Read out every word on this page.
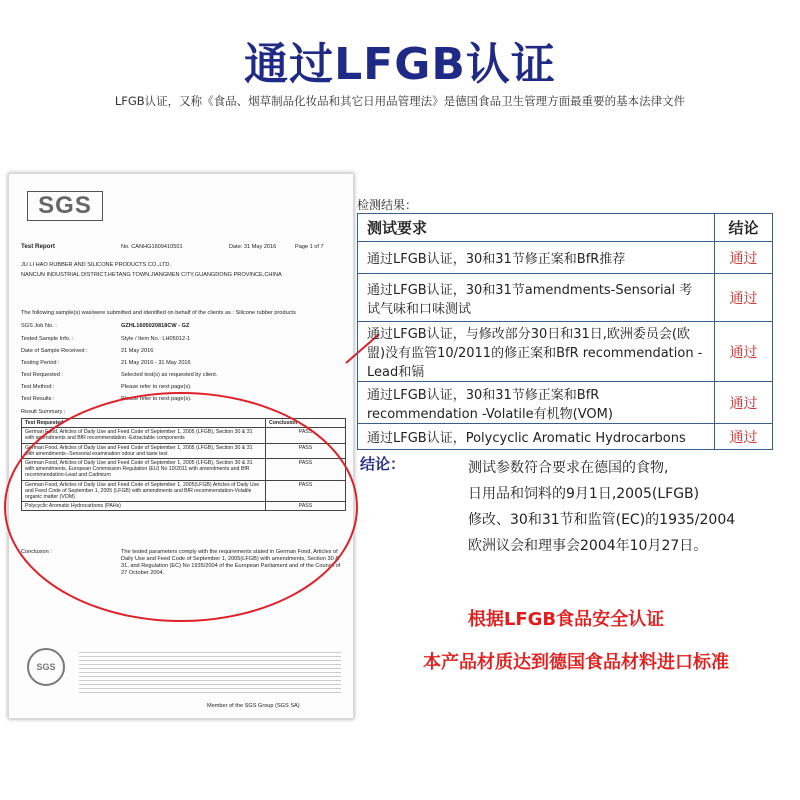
通过LFGB认证
LFGB认证，又称《食品、烟草制品化妆品和其它日用品管理法》是德国食品卫生管理方面最重要的基本法律文件
SGS
Test Report	No. CANHG1609410501	Date: 31 May 2016	Page 1 of 7
JU LI HAO RUBBER AND SILICONE PRODUCTS CO.,LTD.
NANCUN INDUSTRIAL DISTRICT,HETANG TOWN,JIANGMEN CITY,GUANGDONG PROVINCE,CHINA
The following sample(s) was/were submitted and identified on behalf of the clients as : Silicone rubber products
SGS Job No. :	GZHL1605020818CW - GZ
Tested Sample Info. :	Style / Item No.: LH05012-1
Date of Sample Received :	21 May 2016
Testing Period :	21 May 2016 - 31 May 2016
Test Requested :	Selected test(s) as requested by client.
Test Method :	Please refer to next page(s).
Test Results :	Please refer to next page(s).
Result Summary :
Test Requested	Conclusion
German Food, Articles of Daily Use and Feed Code of September 1, 2005 (LFGB), Section 30 & 31 with amendments and BfR recommendation -Extractable components	PASS
German Food, Articles of Daily Use and Feed Code of September 1, 2005 (LFGB), Section 30 & 31 with amendments--Sensorial examination odour and taste test	PASS
German Food, Articles of Daily Use and Feed Code of September 1, 2005 (LFGB), Section 30 & 31 with amendments, European Commission Regulation (EU) No 10/2011 with amendments and BfR recommendation-Lead and Cadmium	PASS
German Food, Articles of Daily Use and Feed Code of September 1, 2005(LFGB) Articles of Daily Use and Feed Code of September 1, 2005 (LFGB) with amendments and BfR recommendation-Volatile organic matter (VOM)	PASS
Polycyclic Aromatic Hydrocarbons (PAHs)	PASS
Conclusion :	The tested parameters comply with the requirements stated in German Food, Articles of Daily Use and Feed Code of September 1, 2005(LFGB) with amendments, Section 30 & 31, and Regulation (EC) No 1935/2004 of the European Parliament and of the Council of 27 October 2004.
SGS
Member of the SGS Group (SGS SA)
检测结果：
测试要求	结论
通过LFGB认证，30和31节修正案和BfR推荐	通过
通过LFGB认证，30和31节amendments-Sensorial 考试气味和口味测试	通过
通过LFGB认证，与修改部分30日和31日,欧洲委员会(欧盟)没有监管10/2011的修正案和BfR recommendation -Lead和镉	通过
通过LFGB认证，30和31节修正案和BfR recommendation -Volatile有机物(VOM)	通过
通过LFGB认证，Polycyclic Aromatic Hydrocarbons	通过
结论：	测试参数符合要求在德国的食物,
日用品和饲料的9月1日,2005(LFGB)
修改、30和31节和监管(EC)的1935/2004
欧洲议会和理事会2004年10月27日。
根据LFGB食品安全认证
本产品材质达到德国食品材料进口标准
